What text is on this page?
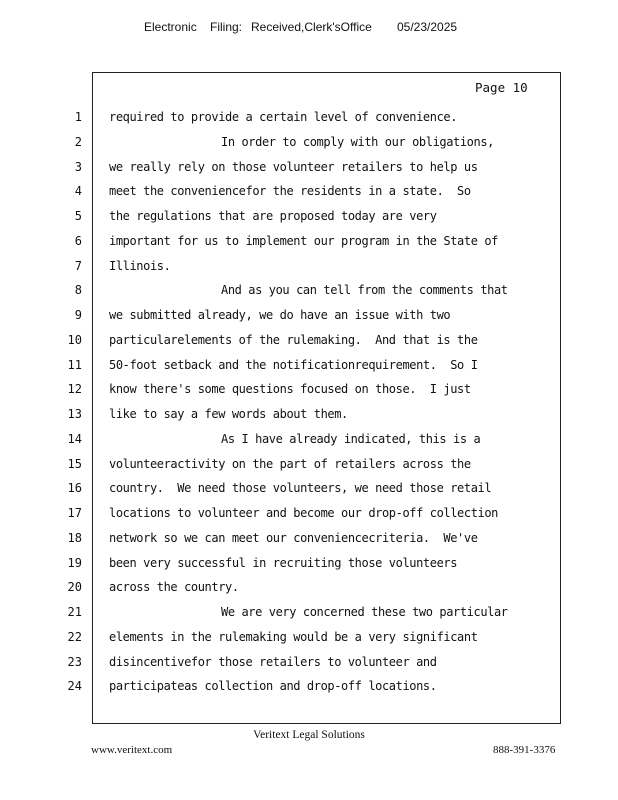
Electronic

Filing:

Received,Clerk'sOffice

05/23/2025

Page 10
1 required to provide a certain level of convenience.
2	In order to comply with our obligations,
3 we really rely on those volunteer retailers to help us
4 meet the conveniencefor the residents in a state.  So
5 the regulations that are proposed today are very
6 important for us to implement our program in the State of
7 Illinois.
8	And as you can tell from the comments that
9 we submitted already, we do have an issue with two
10 particularelements of the rulemaking.  And that is the
11 50-foot setback and the notificationrequirement.  So I
12 know there's some questions focused on those.  I just
13 like to say a few words about them.
14	As I have already indicated, this is a
15 volunteeractivity on the part of retailers across the
16 country.  We need those volunteers, we need those retail
17 locations to volunteer and become our drop-off collection
18 network so we can meet our conveniencecriteria.  We've
19 been very successful in recruiting those volunteers
20 across the country.
21	We are very concerned these two particular
22 elements in the rulemaking would be a very significant
23 disincentivefor those retailers to volunteer and
24 participateas collection and drop-off locations.
Veritext Legal Solutions
www.veritext.com	888-391-3376
